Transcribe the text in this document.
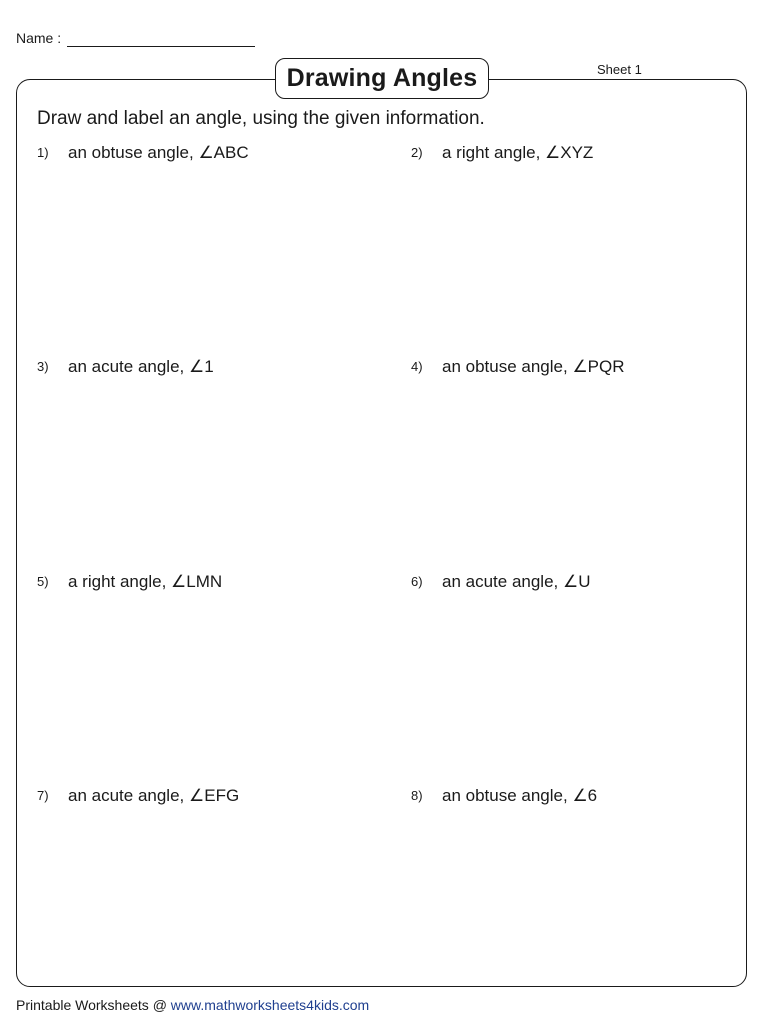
Name :
Sheet 1
Drawing Angles
Draw and label an angle, using the given information.
1) an obtuse angle, ∠ABC	2) a right angle, ∠XYZ
3) an acute angle, ∠1	4) an obtuse angle, ∠PQR
5) a right angle, ∠LMN	6) an acute angle, ∠U
7) an acute angle, ∠EFG	8) an obtuse angle, ∠6
Printable Worksheets @ www.mathworksheets4kids.com
